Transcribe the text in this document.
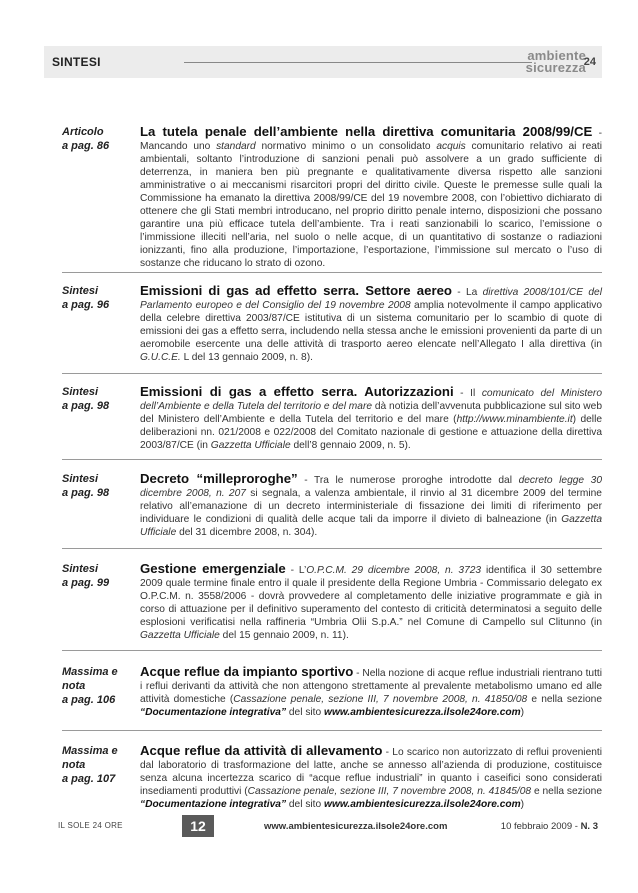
SINTESI	ambiente
sicurezza
24
Articolo
a pag. 86
La tutela penale dell’ambiente nella direttiva comunitaria 2008/99/CE - Mancando uno standard normativo minimo o un consolidato acquis comunitario relativo ai reati ambientali, soltanto l’introduzione di sanzioni penali può assolvere a un grado sufficiente di deterrenza, in maniera ben più pregnante e qualitativamente diversa rispetto alle sanzioni amministrative o ai meccanismi risarcitori propri del diritto civile. Queste le premesse sulle quali la Commissione ha emanato la direttiva 2008/99/CE del 19 novembre 2008, con l’obiettivo dichiarato di ottenere che gli Stati membri introducano, nel proprio diritto penale interno, disposizioni che possano garantire una più efficace tutela dell’ambiente. Tra i reati sanzionabili lo scarico, l’emissione o l’immissione illeciti nell’aria, nel suolo o nelle acque, di un quantitativo di sostanze o radiazioni ionizzanti, fino alla produzione, l’importazione, l’esportazione, l’immissione sul mercato o l’uso di sostanze che riducano lo strato di ozono.
Sintesi
a pag. 96
Emissioni di gas ad effetto serra. Settore aereo - La direttiva 2008/101/CE del Parlamento europeo e del Consiglio del 19 novembre 2008 amplia notevolmente il campo applicativo della celebre direttiva 2003/87/CE istitutiva di un sistema comunitario per lo scambio di quote di emissioni dei gas a effetto serra, includendo nella stessa anche le emissioni provenienti da parte di un aeromobile esercente una delle attività di trasporto aereo elencate nell’Allegato I alla direttiva (in G.U.C.E. L del 13 gennaio 2009, n. 8).
Sintesi
a pag. 98
Emissioni di gas a effetto serra. Autorizzazioni - Il comunicato del Ministero dell’Ambiente e della Tutela del territorio e del mare dà notizia dell’avvenuta pubblicazione sul sito web del Ministero dell’Ambiente e della Tutela del territorio e del mare (http://www.minambiente.it) delle deliberazioni nn. 021/2008 e 022/2008 del Comitato nazionale di gestione e attuazione della direttiva 2003/87/CE (in Gazzetta Ufficiale dell’8 gennaio 2009, n. 5).
Sintesi
a pag. 98
Decreto “milleproroghe” - Tra le numerose proroghe introdotte dal decreto legge 30 dicembre 2008, n. 207 si segnala, a valenza ambientale, il rinvio al 31 dicembre 2009 del termine relativo all’emanazione di un decreto interministeriale di fissazione dei limiti di riferimento per individuare le condizioni di qualità delle acque tali da imporre il divieto di balneazione (in Gazzetta Ufficiale del 31 dicembre 2008, n. 304).
Sintesi
a pag. 99
Gestione emergenziale - L’O.P.C.M. 29 dicembre 2008, n. 3723 identifica il 30 settembre 2009 quale termine finale entro il quale il presidente della Regione Umbria - Commissario delegato ex O.P.C.M. n. 3558/2006 - dovrà provvedere al completamento delle iniziative programmate e già in corso di attuazione per il definitivo superamento del contesto di criticità determinatosi a seguito delle esplosioni verificatisi nella raffineria “Umbria Olii S.p.A.” nel Comune di Campello sul Clitunno (in Gazzetta Ufficiale del 15 gennaio 2009, n. 11).
Massima e nota
a pag. 106
Acque reflue da impianto sportivo - Nella nozione di acque reflue industriali rientrano tutti i reflui derivanti da attività che non attengono strettamente al prevalente metabolismo umano ed alle attività domestiche (Cassazione penale, sezione III, 7 novembre 2008, n. 41850/08 e nella sezione “Documentazione integrativa” del sito www.ambientesicurezza.ilsole24ore.com)
Massima e nota
a pag. 107
Acque reflue da attività di allevamento - Lo scarico non autorizzato di reflui provenienti dal laboratorio di trasformazione del latte, anche se annesso all’azienda di produzione, costituisce senza alcuna incertezza scarico di “acque reflue industriali” in quanto i caseifici sono considerati insediamenti produttivi (Cassazione penale, sezione III, 7 novembre 2008, n. 41845/08 e nella sezione “Documentazione integrativa” del sito www.ambientesicurezza.ilsole24ore.com)
IL SOLE 24 ORE	12	www.ambientesicurezza.ilsole24ore.com	10 febbraio 2009 - N. 3
